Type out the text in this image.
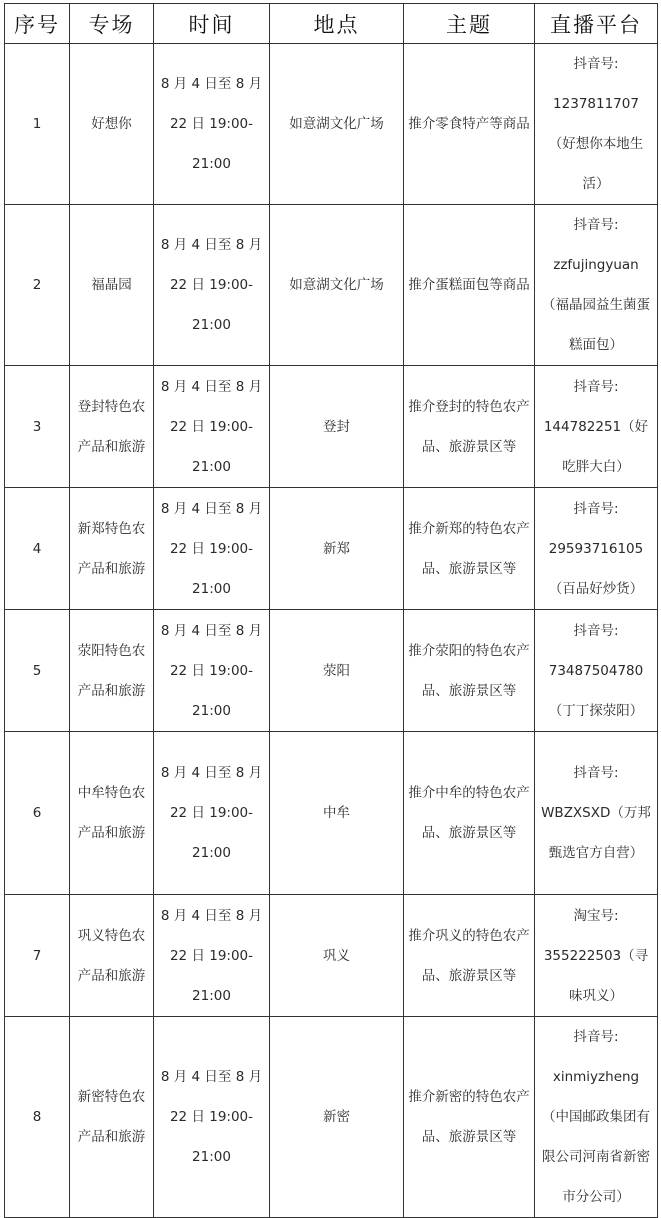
序号	专场	时间	地点	主题	直播平台
1	好想你	8 月 4 日至 8 月 22 日 19:00-21:00	如意湖文化广场	推介零食特产等商品	抖音号:
1237811707
（好想你本地生活）

2	福晶园	8 月 4 日至 8 月 22 日 19:00-21:00	如意湖文化广场	推介蛋糕面包等商品	抖音号:
zzfujingyuan
（福晶园益生菌蛋糕面包）

3	登封特色农产品和旅游	8 月 4 日至 8 月 22 日 19:00-21:00	登封	推介登封的特色农产品、旅游景区等	抖音号:
144782251（好吃胖大白）

4	新郑特色农产品和旅游	8 月 4 日至 8 月 22 日 19:00-21:00	新郑	推介新郑的特色农产品、旅游景区等	抖音号:
29593716105
（百品好炒货）

5	荥阳特色农产品和旅游	8 月 4 日至 8 月 22 日 19:00-21:00	荥阳	推介荥阳的特色农产品、旅游景区等	抖音号:
73487504780
（丁丁探荥阳）

6	中牟特色农产品和旅游	8 月 4 日至 8 月 22 日 19:00-21:00	中牟	推介中牟的特色农产品、旅游景区等	抖音号:
WBZXSXD（万邦甄选官方自营）

7	巩义特色农产品和旅游	8 月 4 日至 8 月 22 日 19:00-21:00	巩义	推介巩义的特色农产品、旅游景区等	淘宝号:
355222503（寻味巩义）

8	新密特色农产品和旅游	8 月 4 日至 8 月 22 日 19:00-21:00	新密	推介新密的特色农产品、旅游景区等	抖音号:
xinmiyzheng
（中国邮政集团有限公司河南省新密市分公司）
